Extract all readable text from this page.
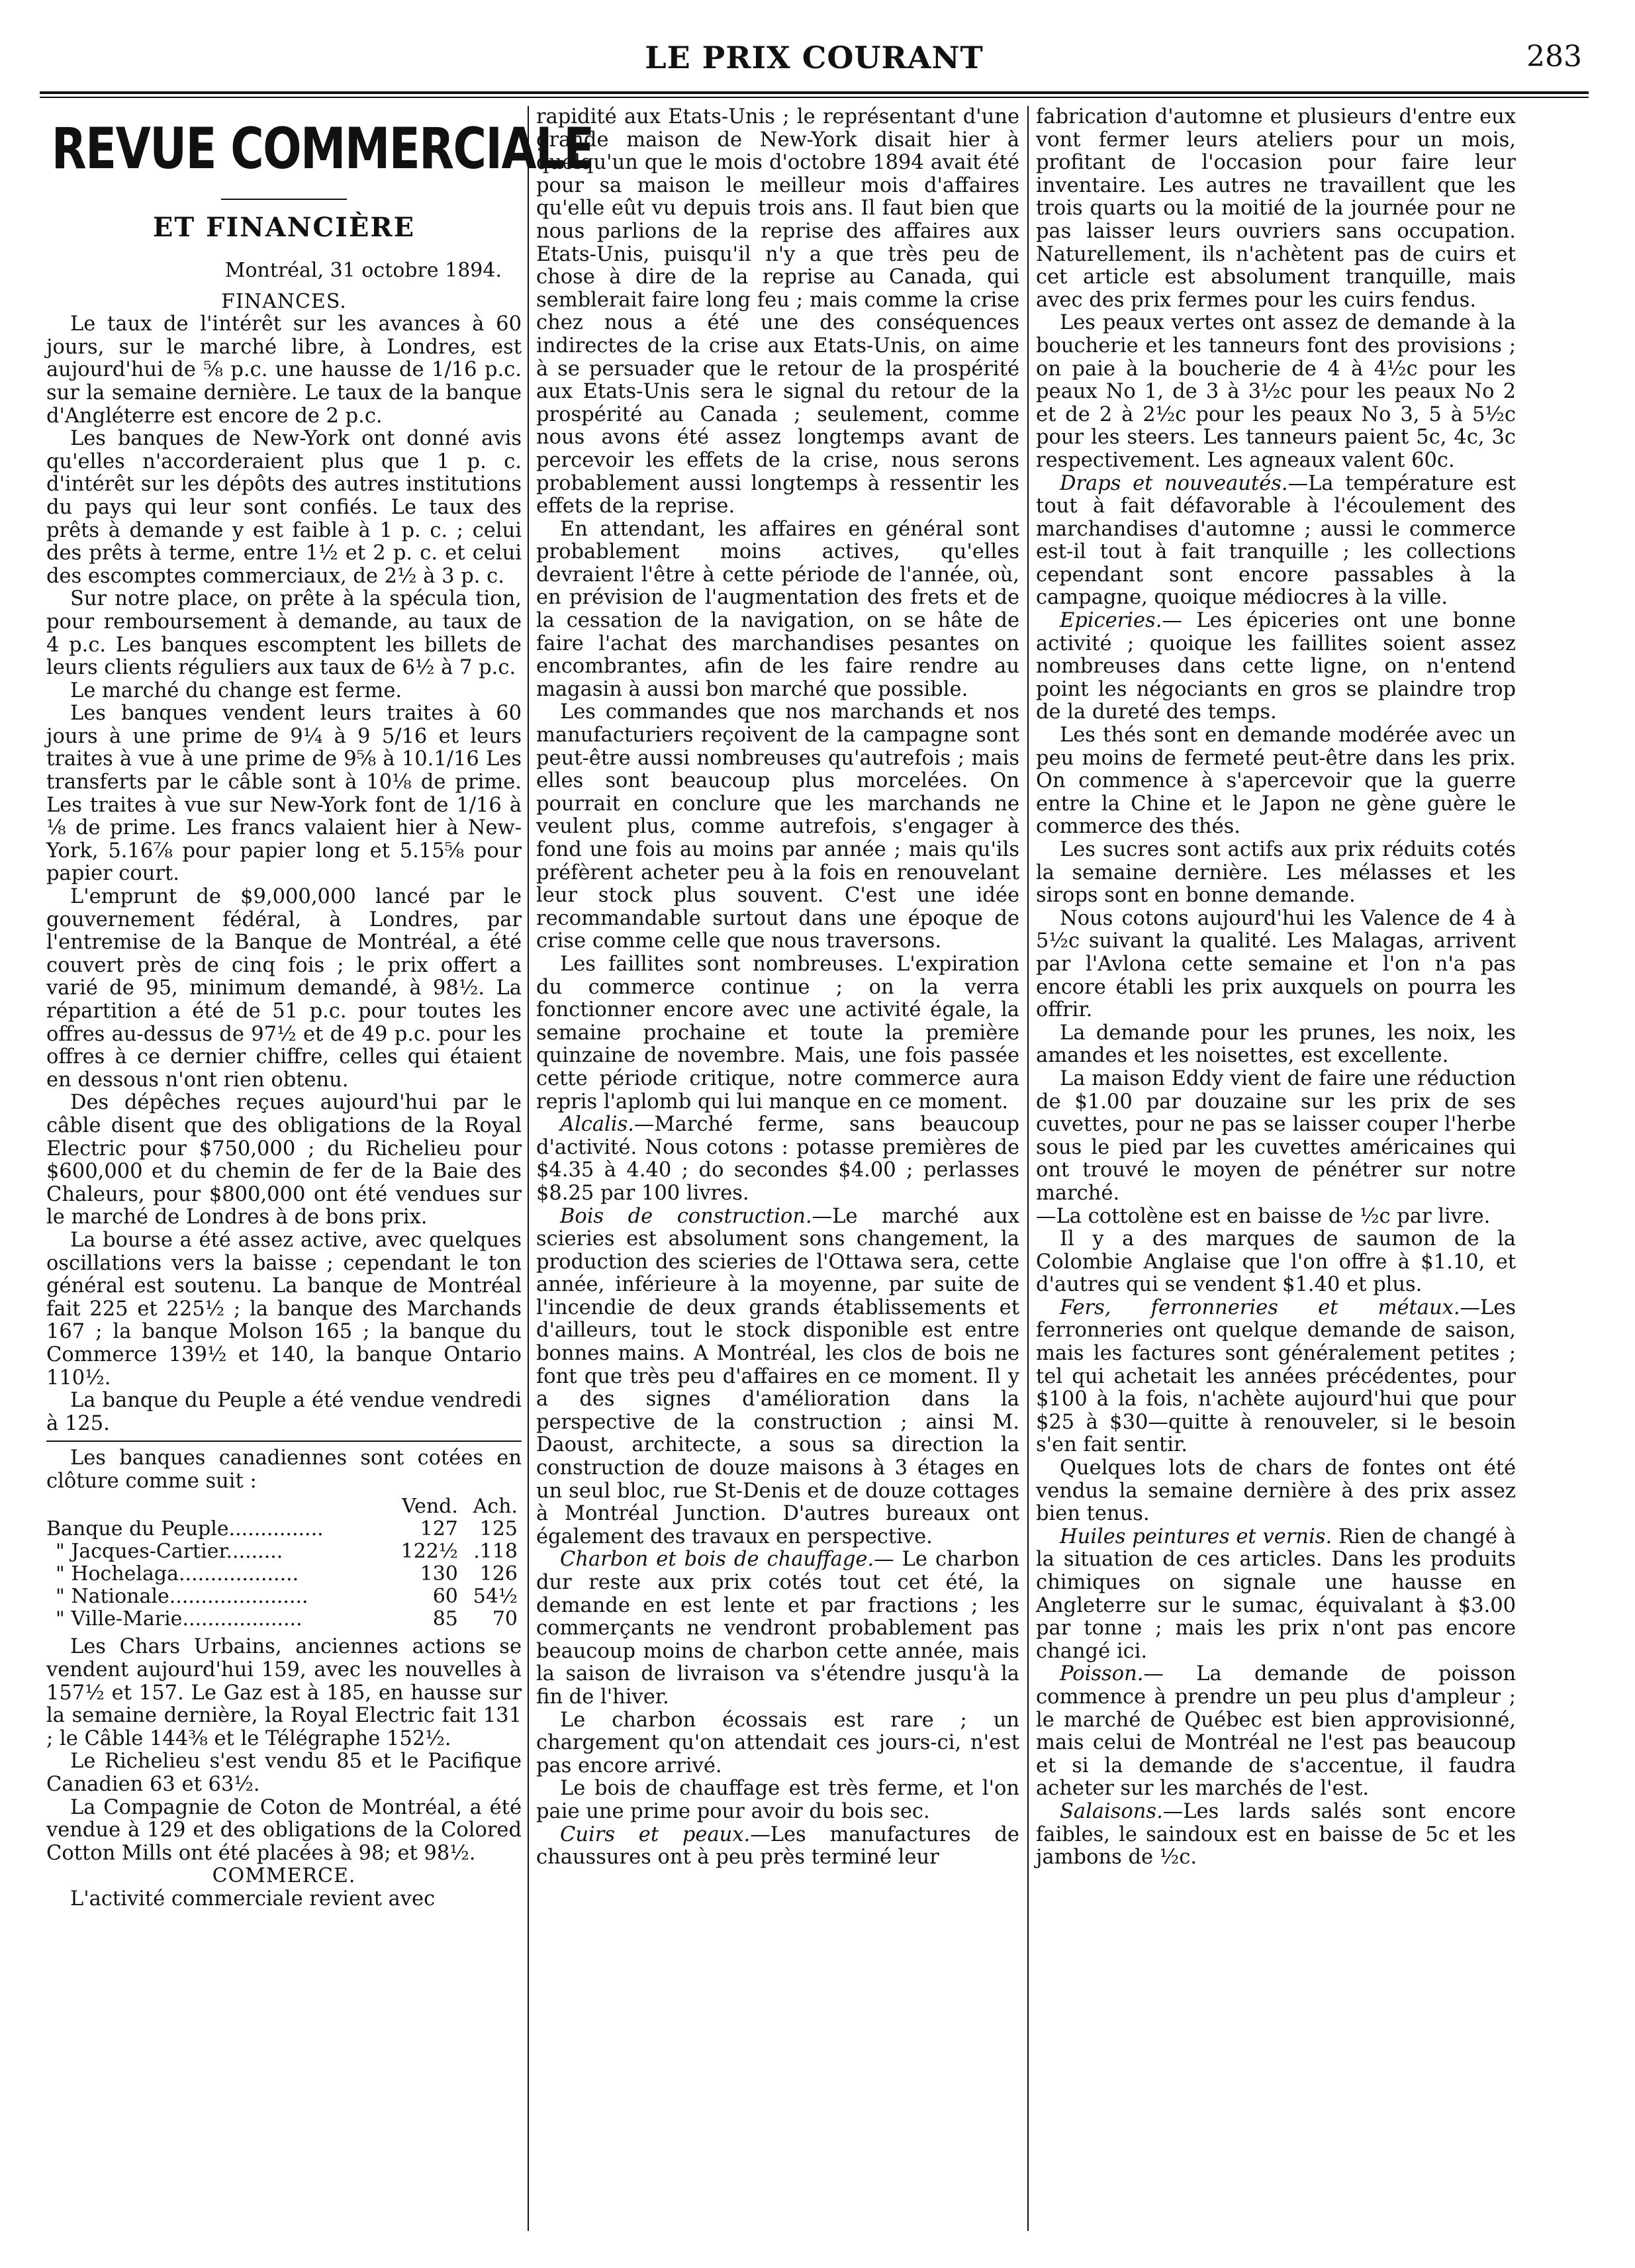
LE PRIX COURANT	283
REVUE COMMERCIALE
ET FINANCIÈRE
Montréal, 31 octobre 1894.

FINANCES.

Le taux de l'intérêt sur les avances à 60 jours, sur le marché libre, à Londres, est aujourd'hui de ⅝ p.c. une hausse de 1/16 p.c. sur la semaine dernière. Le taux de la banque d'Angléterre est encore de 2 p.c.

Les banques de New-York ont donné avis qu'elles n'accorderaient plus que 1 p. c. d'intérêt sur les dépôts des autres institutions du pays qui leur sont confiés. Le taux des prêts à demande y est faible à 1 p. c. ; celui des prêts à terme, entre 1½ et 2 p. c. et celui des escomptes commerciaux, de 2½ à 3 p. c.

Sur notre place, on prête à la spécula tion, pour remboursement à demande, au taux de 4 p.c. Les banques escomptent les billets de leurs clients réguliers aux taux de 6½ à 7 p.c.

Le marché du change est ferme.

Les banques vendent leurs traites à 60 jours à une prime de 9¼ à 9 5/16 et leurs traites à vue à une prime de 9⅝ à 10.1/16 Les transferts par le câble sont à 10⅛ de prime. Les traites à vue sur New-York font de 1/16 à ⅛ de prime. Les francs valaient hier à New-York, 5.16⅞ pour papier long et 5.15⅝ pour papier court.

L'emprunt de $9,000,000 lancé par le gouvernement fédéral, à Londres, par l'entremise de la Banque de Montréal, a été couvert près de cinq fois ; le prix offert a varié de 95, minimum demandé, à 98½. La répartition a été de 51 p.c. pour toutes les offres au-dessus de 97½ et de 49 p.c. pour les offres à ce dernier chiffre, celles qui étaient en dessous n'ont rien obtenu.

Des dépêches reçues aujourd'hui par le câble disent que des obligations de la Royal Electric pour $750,000 ; du Richelieu pour $600,000 et du chemin de fer de la Baie des Chaleurs, pour $800,000 ont été vendues sur le marché de Londres à de bons prix.

La bourse a été assez active, avec quelques oscillations vers la baisse ; cependant le ton général est soutenu. La banque de Montréal fait 225 et 225½ ; la banque des Marchands 167 ; la banque Molson 165 ; la banque du Commerce 139½ et 140, la banque Ontario 110½.

La banque du Peuple a été vendue vendredi à 125.

Les banques canadiennes sont cotées en clôture comme suit :

	Vend.	Ach.
Banque du Peuple...............	127	125
" Jacques-Cartier.........	122½	.118
" Hochelaga...................	130	126
" Nationale......................	60	54½
" Ville-Marie...................	85	70

Les Chars Urbains, anciennes actions se vendent aujourd'hui 159, avec les nouvelles à 157½ et 157. Le Gaz est à 185, en hausse sur la semaine dernière, la Royal Electric fait 131 ; le Câble 144⅜ et le Télégraphe 152½.

Le Richelieu s'est vendu 85 et le Pacifique Canadien 63 et 63½.

La Compagnie de Coton de Montréal, a été vendue à 129 et des obligations de la Colored Cotton Mills ont été placées à 98; et 98½.

COMMERCE.

L'activité commerciale revient avec

rapidité aux Etats-Unis ; le représentant d'une grande maison de New-York disait hier à quelqu'un que le mois d'octobre 1894 avait été pour sa maison le meilleur mois d'affaires qu'elle eût vu depuis trois ans. Il faut bien que nous parlions de la reprise des affaires aux Etats-Unis, puisqu'il n'y a que très peu de chose à dire de la reprise au Canada, qui semblerait faire long feu ; mais comme la crise chez nous a été une des conséquences indirectes de la crise aux Etats-Unis, on aime à se persuader que le retour de la prospérité aux Etats-Unis sera le signal du retour de la prospérité au Canada ; seulement, comme nous avons été assez longtemps avant de percevoir les effets de la crise, nous serons probablement aussi longtemps à ressentir les effets de la reprise.

En attendant, les affaires en général sont probablement moins actives, qu'elles devraient l'être à cette période de l'année, où, en prévision de l'augmentation des frets et de la cessation de la navigation, on se hâte de faire l'achat des marchandises pesantes on encombrantes, afin de les faire rendre au magasin à aussi bon marché que possible.

Les commandes que nos marchands et nos manufacturiers reçoivent de la campagne sont peut-être aussi nombreuses qu'autrefois ; mais elles sont beaucoup plus morcelées. On pourrait en conclure que les marchands ne veulent plus, comme autrefois, s'engager à fond une fois au moins par année ; mais qu'ils préfèrent acheter peu à la fois en renouvelant leur stock plus souvent. C'est une idée recommandable surtout dans une époque de crise comme celle que nous traversons.

Les faillites sont nombreuses. L'expiration du commerce continue ; on la verra fonctionner encore avec une activité égale, la semaine prochaine et toute la première quinzaine de novembre. Mais, une fois passée cette période critique, notre commerce aura repris l'aplomb qui lui manque en ce moment.

Alcalis.—Marché ferme, sans beaucoup d'activité. Nous cotons : potasse premières de $4.35 à 4.40 ; do secondes $4.00 ; perlasses $8.25 par 100 livres.

Bois de construction.—Le marché aux scieries est absolument sons changement, la production des scieries de l'Ottawa sera, cette année, inférieure à la moyenne, par suite de l'incendie de deux grands établissements et d'ailleurs, tout le stock disponible est entre bonnes mains. A Montréal, les clos de bois ne font que très peu d'affaires en ce moment. Il y a des signes d'amélioration dans la perspective de la construction ; ainsi M. Daoust, architecte, a sous sa direction la construction de douze maisons à 3 étages en un seul bloc, rue St-Denis et de douze cottages à Montréal Junction. D'autres bureaux ont également des travaux en perspective.

Charbon et bois de chauffage.— Le charbon dur reste aux prix cotés tout cet été, la demande en est lente et par fractions ; les commerçants ne vendront probablement pas beaucoup moins de charbon cette année, mais la saison de livraison va s'étendre jusqu'à la fin de l'hiver.

Le charbon écossais est rare ; un chargement qu'on attendait ces jours-ci, n'est pas encore arrivé.

Le bois de chauffage est très ferme, et l'on paie une prime pour avoir du bois sec.

Cuirs et peaux.—Les manufactures de chaussures ont à peu près terminé leur

fabrication d'automne et plusieurs d'entre eux vont fermer leurs ateliers pour un mois, profitant de l'occasion pour faire leur inventaire. Les autres ne travaillent que les trois quarts ou la moitié de la journée pour ne pas laisser leurs ouvriers sans occupation. Naturellement, ils n'achètent pas de cuirs et cet article est absolument tranquille, mais avec des prix fermes pour les cuirs fendus.

Les peaux vertes ont assez de demande à la boucherie et les tanneurs font des provisions ; on paie à la boucherie de 4 à 4½c pour les peaux No 1, de 3 à 3½c pour les peaux No 2 et de 2 à 2½c pour les peaux No 3, 5 à 5½c pour les steers. Les tanneurs paient 5c, 4c, 3c respectivement. Les agneaux valent 60c.

Draps et nouveautés.—La température est tout à fait défavorable à l'écoulement des marchandises d'automne ; aussi le commerce est-il tout à fait tranquille ; les collections cependant sont encore passables à la campagne, quoique médiocres à la ville.

Epiceries.— Les épiceries ont une bonne activité ; quoique les faillites soient assez nombreuses dans cette ligne, on n'entend point les négociants en gros se plaindre trop de la dureté des temps.

Les thés sont en demande modérée avec un peu moins de fermeté peut-être dans les prix. On commence à s'apercevoir que la guerre entre la Chine et le Japon ne gène guère le commerce des thés.

Les sucres sont actifs aux prix réduits cotés la semaine dernière. Les mélasses et les sirops sont en bonne demande.

Nous cotons aujourd'hui les Valence de 4 à 5½c suivant la qualité. Les Malagas, arrivent par l'Avlona cette semaine et l'on n'a pas encore établi les prix auxquels on pourra les offrir.

La demande pour les prunes, les noix, les amandes et les noisettes, est excellente.

La maison Eddy vient de faire une réduction de $1.00 par douzaine sur les prix de ses cuvettes, pour ne pas se laisser couper l'herbe sous le pied par les cuvettes américaines qui ont trouvé le moyen de pénétrer sur notre marché.

—La cottolène est en baisse de ½c par livre.

Il y a des marques de saumon de la Colombie Anglaise que l'on offre à $1.10, et d'autres qui se vendent $1.40 et plus.

Fers, ferronneries et métaux.—Les ferronneries ont quelque demande de saison, mais les factures sont généralement petites ; tel qui achetait les années précédentes, pour $100 à la fois, n'achète aujourd'hui que pour $25 à $30—quitte à renouveler, si le besoin s'en fait sentir.

Quelques lots de chars de fontes ont été vendus la semaine dernière à des prix assez bien tenus.

Huiles peintures et vernis. Rien de changé à la situation de ces articles. Dans les produits chimiques on signale une hausse en Angleterre sur le sumac, équivalant à $3.00 par tonne ; mais les prix n'ont pas encore changé ici.

Poisson.— La demande de poisson commence à prendre un peu plus d'ampleur ; le marché de Québec est bien approvisionné, mais celui de Montréal ne l'est pas beaucoup et si la demande de s'accentue, il faudra acheter sur les marchés de l'est.

Salaisons.—Les lards salés sont encore faibles, le saindoux est en baisse de 5c et les jambons de ½c.
